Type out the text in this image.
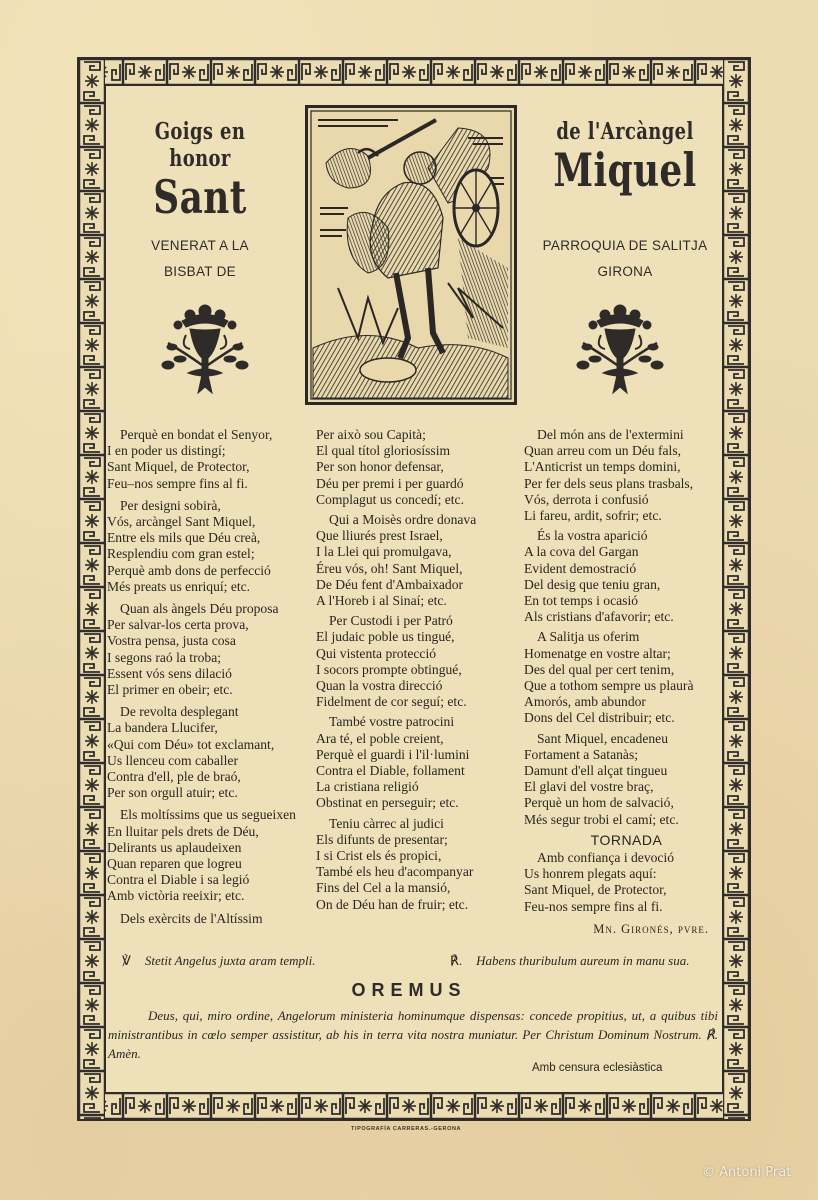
Goigs en honor
Sant
de l'Arcàngel
Miquel
VENERAT A LA
BISBAT DE
PARROQUIA DE SALITJA
GIRONA
Perquè en bondat el Senyor,
I en poder us distingí;
Sant Miquel, de Protector,
Feu–nos sempre fins al fi.
Per designi sobirà,
Vós, arcàngel Sant Miquel,
Entre els mils que Déu creà,
Resplendiu com gran estel;
Perquè amb dons de perfecció
Més preats us enriquí; etc.
Quan als àngels Déu proposa
Per salvar-los certa prova,
Vostra pensa, justa cosa
I segons raó la troba;
Essent vós sens dilació
El primer en obeir; etc.
De revolta desplegant
La bandera Llucifer,
«Qui com Déu» tot exclamant,
Us llenceu com caballer
Contra d'ell, ple de braó,
Per son orgull atuir; etc.
Els moltíssims que us segueixen
En lluitar pels drets de Déu,
Delirants us aplaudeixen
Quan reparen que logreu
Contra el Diable i sa legió
Amb victòria reeixir; etc.
Dels exèrcits de l'Altíssim
Per això sou Capità;
El qual títol gloriosíssim
Per son honor defensar,
Déu per premi i per guardó
Complagut us concedí; etc.
Qui a Moisès ordre donava
Que lliurés prest Israel,
I la Llei qui promulgava,
Éreu vós, oh! Sant Miquel,
De Déu fent d'Ambaixador
A l'Horeb i al Sinaí; etc.
Per Custodi i per Patró
El judaic poble us tingué,
Qui vistenta protecció
I socors prompte obtingué,
Quan la vostra direcció
Fidelment de cor seguí; etc.
També vostre patrocini
Ara té, el poble creient,
Perquè el guardi i l'il·lumini
Contra el Diable, follament
La cristiana religió
Obstinat en perseguir; etc.
Teniu càrrec al judici
Els difunts de presentar;
I si Crist els és propici,
També els heu d'acompanyar
Fins del Cel a la mansió,
On de Déu han de fruir; etc.
Del món ans de l'extermini
Quan arreu com un Déu fals,
L'Anticrist un temps domini,
Per fer dels seus plans trasbals,
Vós, derrota i confusió
Li fareu, ardit, sofrir; etc.
És la vostra aparició
A la cova del Gargan
Evident demostració
Del desig que teniu gran,
En tot temps i ocasió
Als cristians d'afavorir; etc.
A Salitja us oferim
Homenatge en vostre altar;
Des del qual per cert tenim,
Que a tothom sempre us plaurà
Amorós, amb abundor
Dons del Cel distribuir; etc.
Sant Miquel, encadeneu
Fortament a Satanàs;
Damunt d'ell alçat tingueu
El glavi del vostre braç,
Perquè un hom de salvació,
Més segur trobi el camí; etc.
TORNADA
Amb confiança i devoció
Us honrem plegats aquí:
Sant Miquel, de Protector,
Feu-nos sempre fins al fi.
Mn. Gironés, pvre.
℣ Stetit Angelus juxta aram templi.	℟. Habens thuribulum aureum in manu sua.
OREMUS
Deus, qui, miro ordine, Angelorum ministeria hominumque dispensas: concede propitius, ut, a quibus tibi ministrantibus in cœlo semper assistitur, ab his in terra vita nostra muniatur. Per Christum Dominum Nostrum. ℟. Amèn.
Amb censura eclesiàstica
TIPOGRAFÍA CARRERAS.-GERONA
© Antoni Prat
